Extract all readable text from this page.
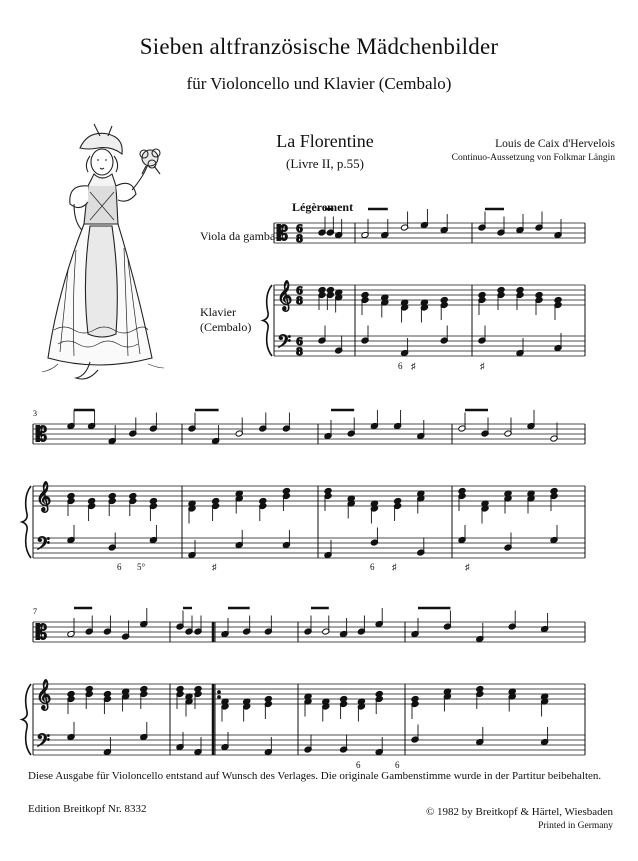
Sieben altfranzösische Mädchenbilder
für Violoncello und Klavier (Cembalo)
La Florentine
(Livre II, p.55)
Louis de Caix d'Hervelois
Continuo-Aussetzung von Folkmar Längin
Légèrement
Viola da gamba
Klavier
(Cembalo)
𝄡
𝄞
𝄢
6
8
6
8
6
8
𝄡
𝄞
𝄢
𝄡
𝄞
𝄢
3
7
6 ♯	♯
6 5°	♯	6 ♯	♯
6	6
Diese Ausgabe für Violoncello entstand auf Wunsch des Verlages. Die originale Gambenstimme wurde in der Partitur beibehalten.
Edition Breitkopf Nr. 8332	© 1982 by Breitkopf & Härtel, Wiesbaden
Printed in Germany
